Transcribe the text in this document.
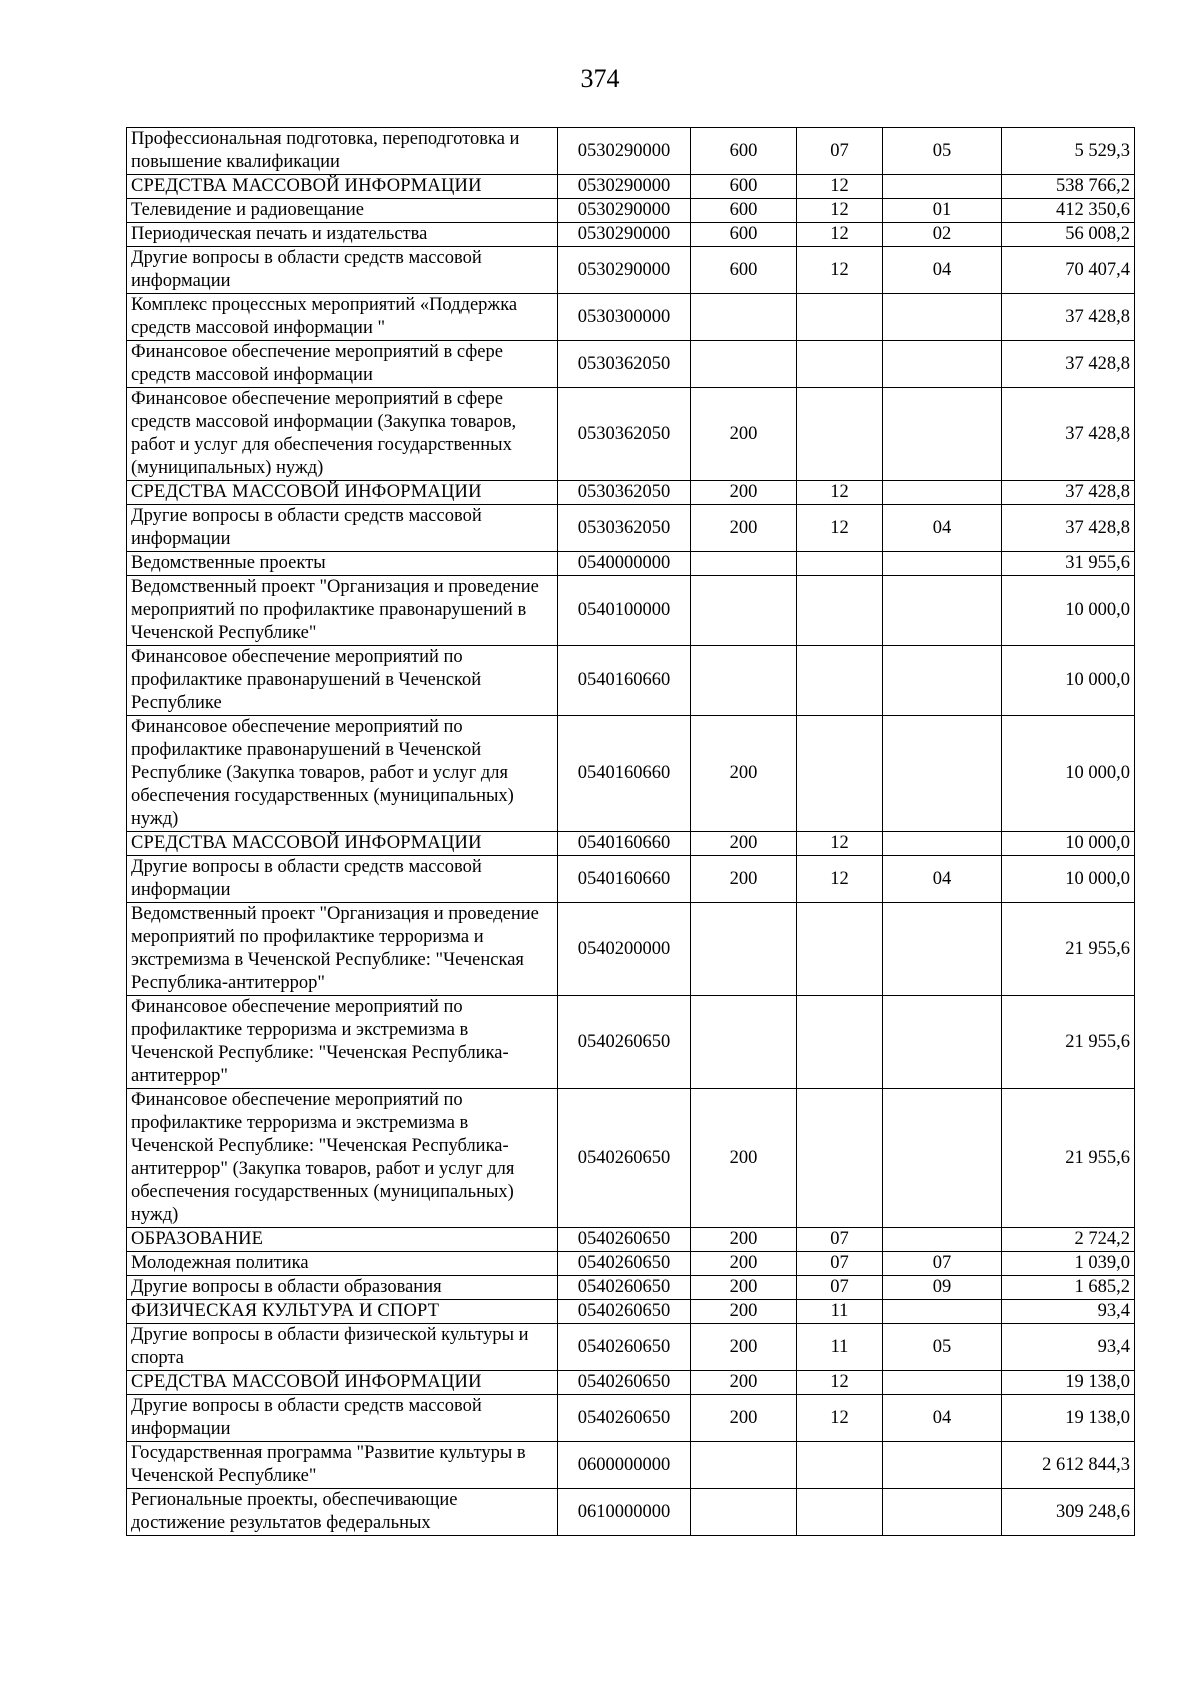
374
Профессиональная подготовка, переподготовка и повышение квалификации	0530290000	600	07	05	5 529,3
СРЕДСТВА МАССОВОЙ ИНФОРМАЦИИ	0530290000	600	12		538 766,2
Телевидение и радиовещание	0530290000	600	12	01	412 350,6
Периодическая печать и издательства	0530290000	600	12	02	56 008,2
Другие вопросы в области средств массовой информации	0530290000	600	12	04	70 407,4
Комплекс процессных мероприятий «Поддержка средств массовой информации "	0530300000				37 428,8
Финансовое обеспечение мероприятий в сфере средств массовой информации	0530362050				37 428,8
Финансовое обеспечение мероприятий в сфере средств массовой информации (Закупка товаров, работ и услуг для обеспечения государственных (муниципальных) нужд)	0530362050	200			37 428,8
СРЕДСТВА МАССОВОЙ ИНФОРМАЦИИ	0530362050	200	12		37 428,8
Другие вопросы в области средств массовой информации	0530362050	200	12	04	37 428,8
Ведомственные проекты	0540000000				31 955,6
Ведомственный проект "Организация и проведение мероприятий по профилактике правонарушений в Чеченской Республике"	0540100000				10 000,0
Финансовое обеспечение мероприятий по профилактике правонарушений в Чеченской Республике	0540160660				10 000,0
Финансовое обеспечение мероприятий по профилактике правонарушений в Чеченской Республике (Закупка товаров, работ и услуг для обеспечения государственных (муниципальных) нужд)	0540160660	200			10 000,0
СРЕДСТВА МАССОВОЙ ИНФОРМАЦИИ	0540160660	200	12		10 000,0
Другие вопросы в области средств массовой информации	0540160660	200	12	04	10 000,0
Ведомственный проект "Организация и проведение мероприятий по профилактике терроризма и экстремизма в Чеченской Республике: "Чеченская Республика-антитеррор"	0540200000				21 955,6
Финансовое обеспечение мероприятий по профилактике терроризма и экстремизма в Чеченской Республике: "Чеченская Республика-антитеррор"	0540260650				21 955,6
Финансовое обеспечение мероприятий по профилактике терроризма и экстремизма в Чеченской Республике: "Чеченская Республика-антитеррор" (Закупка товаров, работ и услуг для обеспечения государственных (муниципальных) нужд)	0540260650	200			21 955,6
ОБРАЗОВАНИЕ	0540260650	200	07		2 724,2
Молодежная политика	0540260650	200	07	07	1 039,0
Другие вопросы в области образования	0540260650	200	07	09	1 685,2
ФИЗИЧЕСКАЯ КУЛЬТУРА И СПОРТ	0540260650	200	11		93,4
Другие вопросы в области физической культуры и спорта	0540260650	200	11	05	93,4
СРЕДСТВА МАССОВОЙ ИНФОРМАЦИИ	0540260650	200	12		19 138,0
Другие вопросы в области средств массовой информации	0540260650	200	12	04	19 138,0
Государственная программа "Развитие культуры в Чеченской Республике"	0600000000				2 612 844,3
Региональные проекты, обеспечивающие достижение результатов федеральных	0610000000				309 248,6
